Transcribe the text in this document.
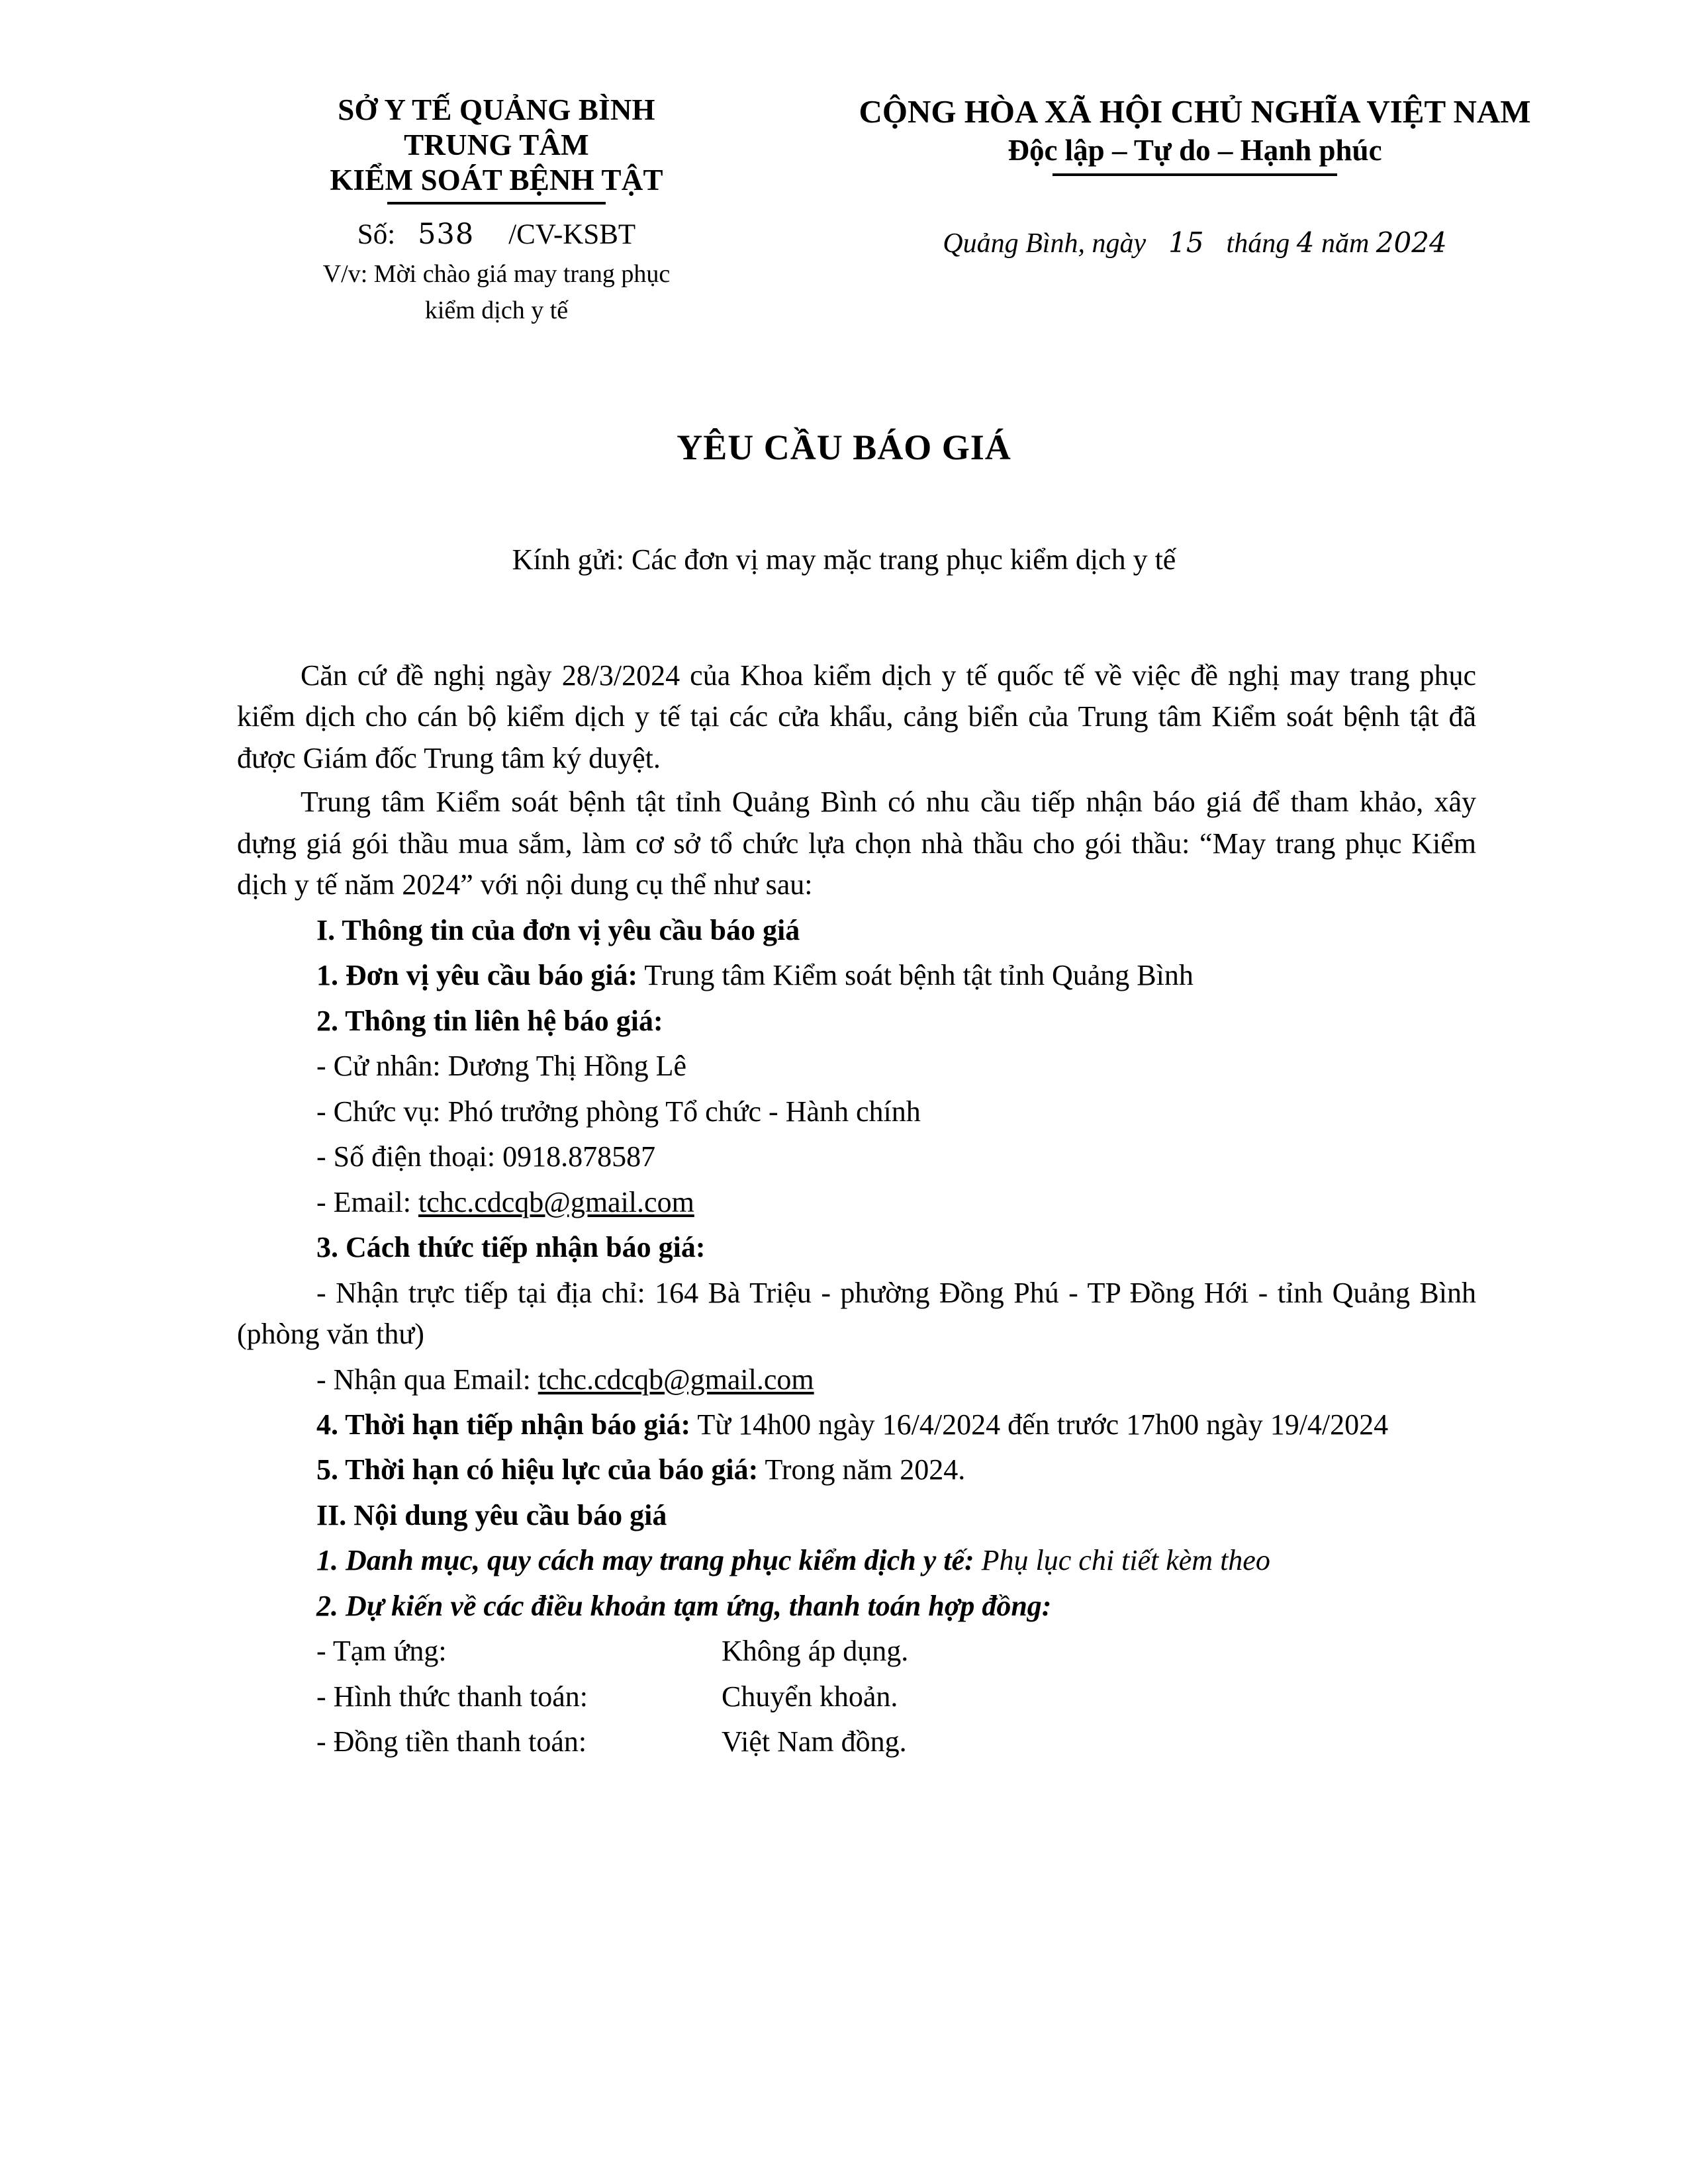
SỞ Y TẾ QUẢNG BÌNH
TRUNG TÂM
KIỂM SOÁT BỆNH TẬT
Số: 538 /CV-KSBT
V/v: Mời chào giá may trang phục
kiểm dịch y tế
CỘNG HÒA XÃ HỘI CHỦ NGHĨA VIỆT NAM
Độc lập – Tự do – Hạnh phúc
Quảng Bình, ngày 15 tháng 4 năm 2024
YÊU CẦU BÁO GIÁ
Kính gửi: Các đơn vị may mặc trang phục kiểm dịch y tế

Căn cứ đề nghị ngày 28/3/2024 của Khoa kiểm dịch y tế quốc tế về việc đề nghị may trang phục kiểm dịch cho cán bộ kiểm dịch y tế tại các cửa khẩu, cảng biển của Trung tâm Kiểm soát bệnh tật đã được Giám đốc Trung tâm ký duyệt.

Trung tâm Kiểm soát bệnh tật tỉnh Quảng Bình có nhu cầu tiếp nhận báo giá để tham khảo, xây dựng giá gói thầu mua sắm, làm cơ sở tổ chức lựa chọn nhà thầu cho gói thầu: “May trang phục Kiểm dịch y tế năm 2024” với nội dung cụ thể như sau:

I. Thông tin của đơn vị yêu cầu báo giá

1. Đơn vị yêu cầu báo giá: Trung tâm Kiểm soát bệnh tật tỉnh Quảng Bình

2. Thông tin liên hệ báo giá:

- Cử nhân: Dương Thị Hồng Lê

- Chức vụ: Phó trưởng phòng Tổ chức - Hành chính

- Số điện thoại: 0918.878587

- Email: tchc.cdcqb@gmail.com

3. Cách thức tiếp nhận báo giá:

- Nhận trực tiếp tại địa chỉ: 164 Bà Triệu - phường Đồng Phú - TP Đồng Hới - tỉnh Quảng Bình (phòng văn thư)

- Nhận qua Email: tchc.cdcqb@gmail.com

4. Thời hạn tiếp nhận báo giá: Từ 14h00 ngày 16/4/2024 đến trước 17h00 ngày 19/4/2024

5. Thời hạn có hiệu lực của báo giá: Trong năm 2024.

II. Nội dung yêu cầu báo giá

1. Danh mục, quy cách may trang phục kiểm dịch y tế: Phụ lục chi tiết kèm theo

2. Dự kiến về các điều khoản tạm ứng, thanh toán hợp đồng:

- Tạm ứng:	Không áp dụng.
- Hình thức thanh toán:	Chuyển khoản.
- Đồng tiền thanh toán:	Việt Nam đồng.
